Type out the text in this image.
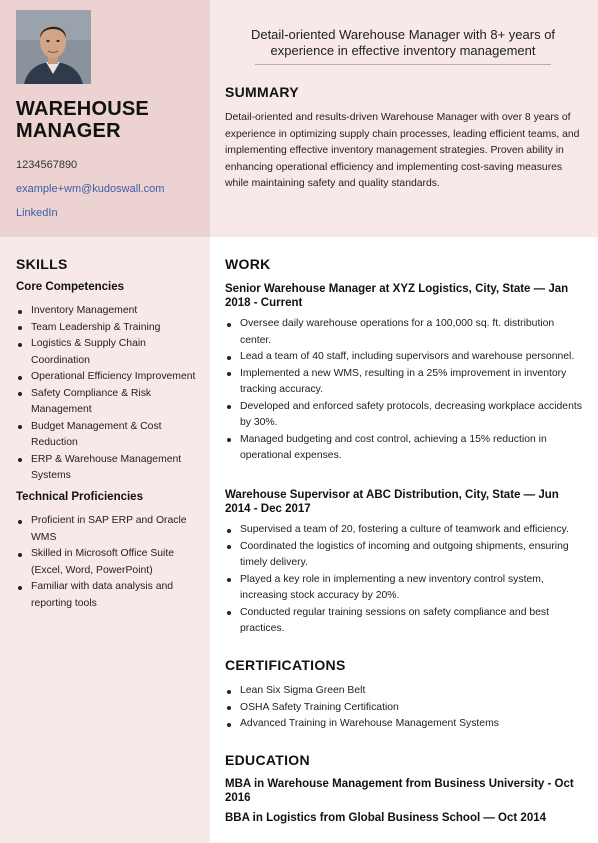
WAREHOUSE
MANAGER
1234567890
example+wm@kudoswall.com
LinkedIn
Detail-oriented Warehouse Manager with 8+ years of experience in effective inventory management
SUMMARY
Detail-oriented and results-driven Warehouse Manager with over 8 years of experience in optimizing supply chain processes, leading efficient teams, and implementing effective inventory management strategies. Proven ability in enhancing operational efficiency and implementing cost-saving measures while maintaining safety and quality standards.
SKILLS
Core Competencies
Inventory Management
Team Leadership & Training
Logistics & Supply Chain Coordination
Operational Efficiency Improvement
Safety Compliance & Risk Management
Budget Management & Cost Reduction
ERP & Warehouse Management Systems
Technical Proficiencies
Proficient in SAP ERP and Oracle WMS
Skilled in Microsoft Office Suite (Excel, Word, PowerPoint)
Familiar with data analysis and reporting tools
WORK
Senior Warehouse Manager at XYZ Logistics, City, State — Jan 2018 - Current
Oversee daily warehouse operations for a 100,000 sq. ft. distribution center.
Lead a team of 40 staff, including supervisors and warehouse personnel.
Implemented a new WMS, resulting in a 25% improvement in inventory tracking accuracy.
Developed and enforced safety protocols, decreasing workplace accidents by 30%.
Managed budgeting and cost control, achieving a 15% reduction in operational expenses.
Warehouse Supervisor at ABC Distribution, City, State — Jun 2014 - Dec 2017
Supervised a team of 20, fostering a culture of teamwork and efficiency.
Coordinated the logistics of incoming and outgoing shipments, ensuring timely delivery.
Played a key role in implementing a new inventory control system, increasing stock accuracy by 20%.
Conducted regular training sessions on safety compliance and best practices.
CERTIFICATIONS
Lean Six Sigma Green Belt
OSHA Safety Training Certification
Advanced Training in Warehouse Management Systems
EDUCATION
MBA in Warehouse Management from Business University - Oct 2016
BBA in Logistics from Global Business School — Oct 2014
